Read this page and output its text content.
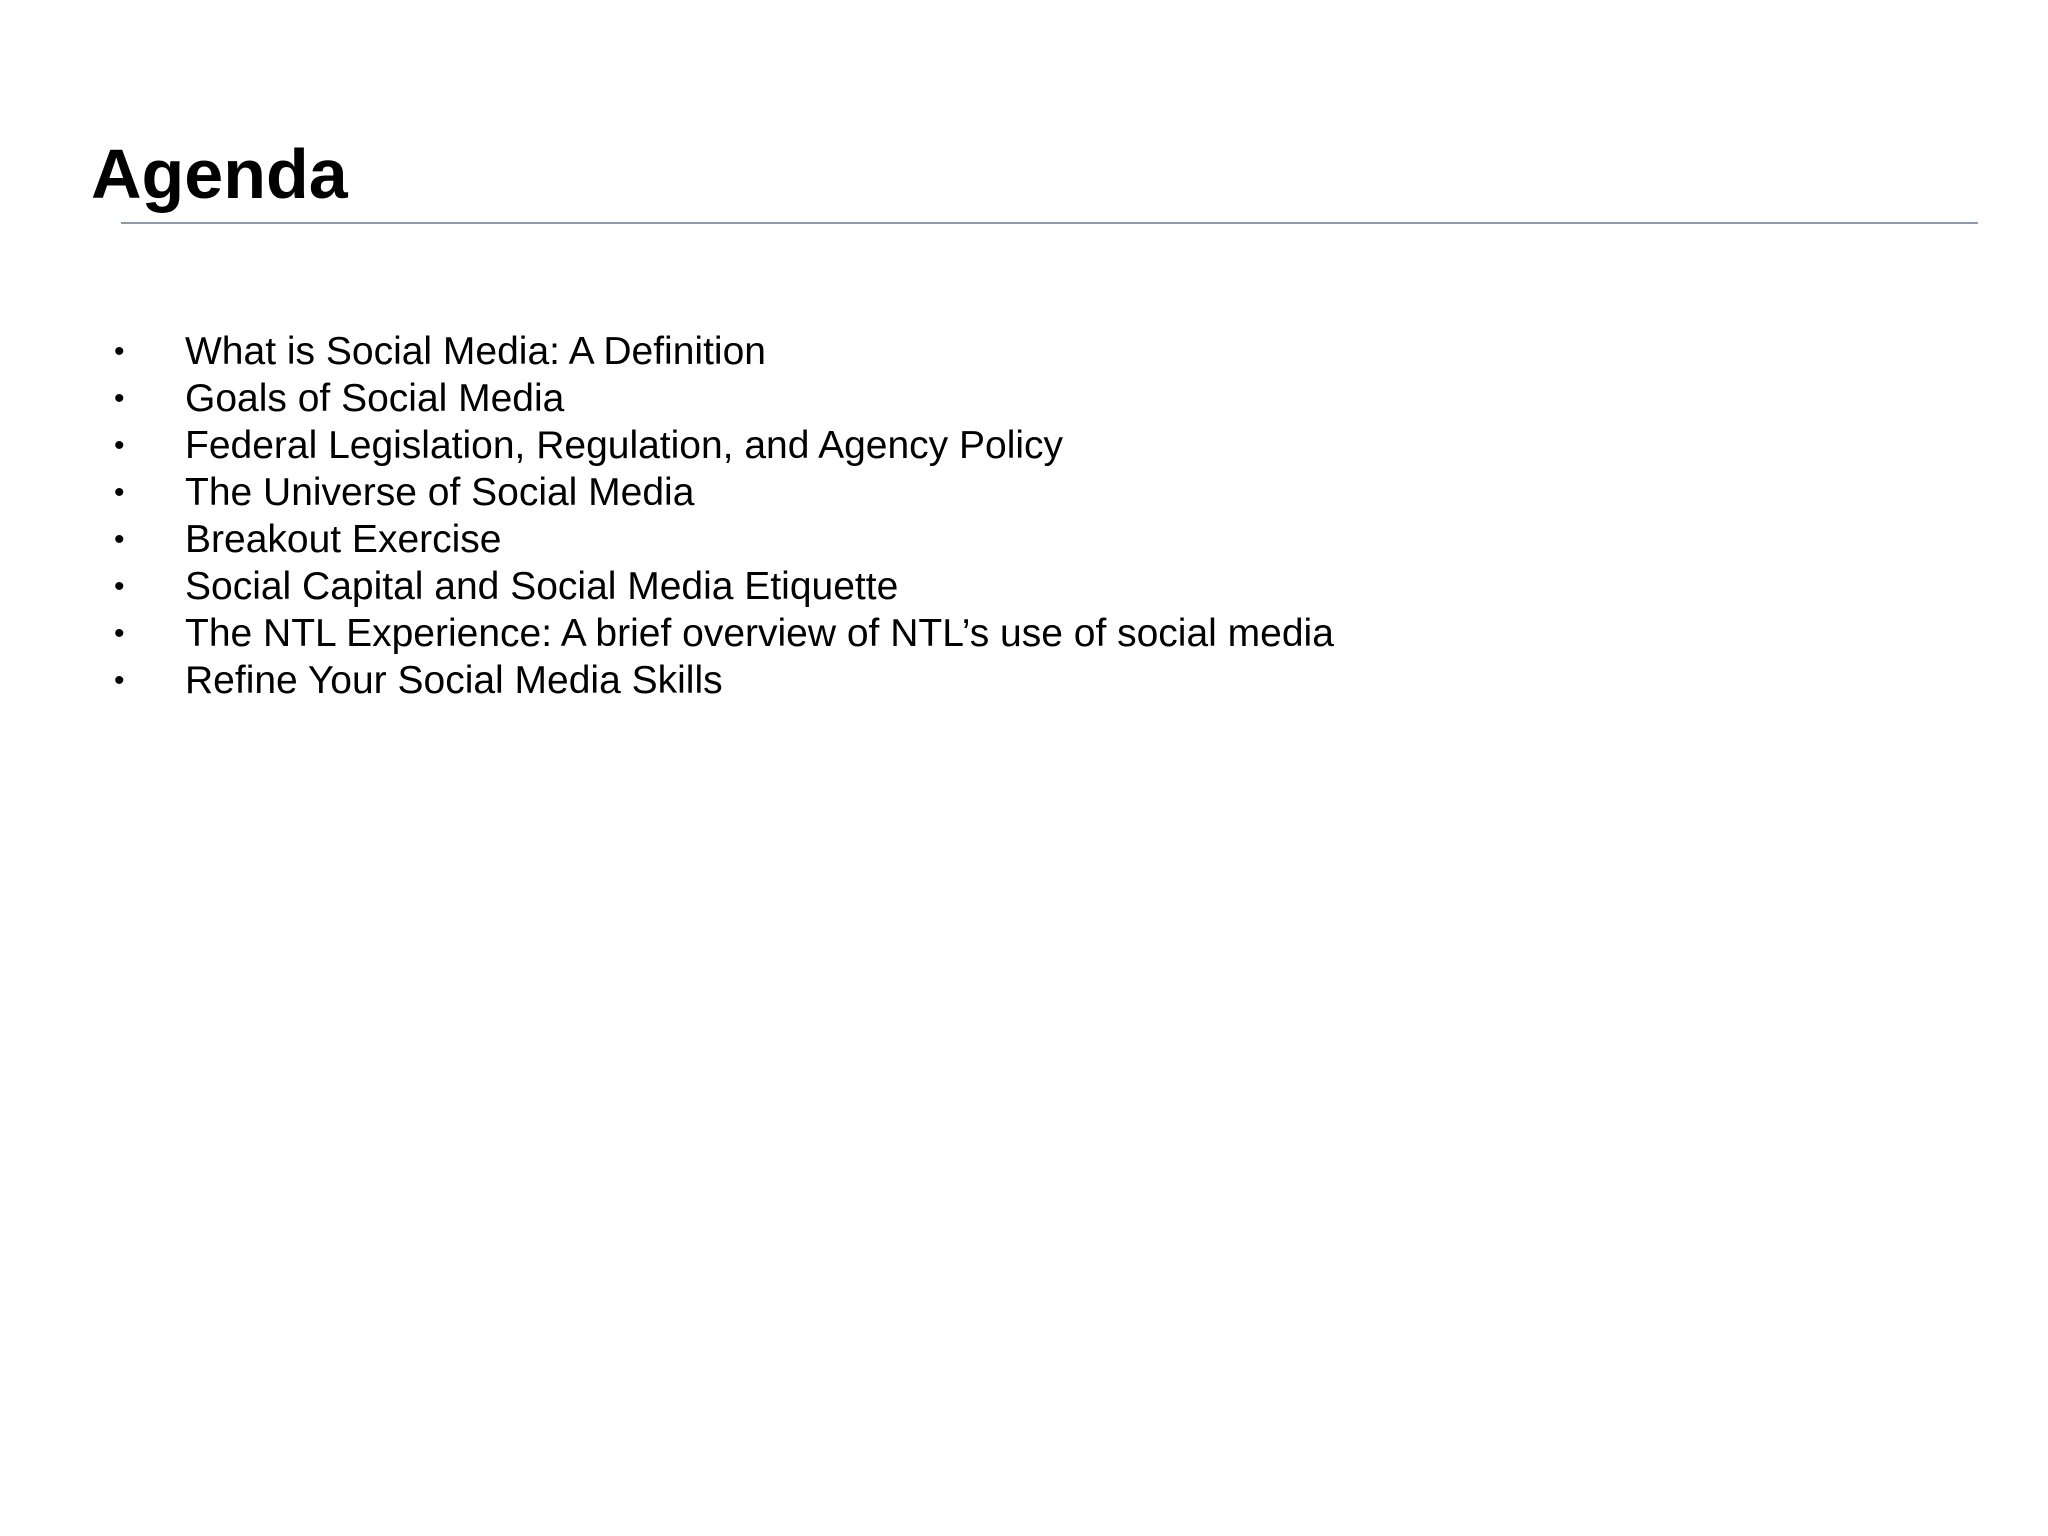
Agenda
• What is Social Media: A Definition
• Goals of Social Media
• Federal Legislation, Regulation, and Agency Policy
• The Universe of Social Media
• Breakout Exercise
• Social Capital and Social Media Etiquette
• The NTL Experience: A brief overview of NTL’s use of social media
• Refine Your Social Media Skills
